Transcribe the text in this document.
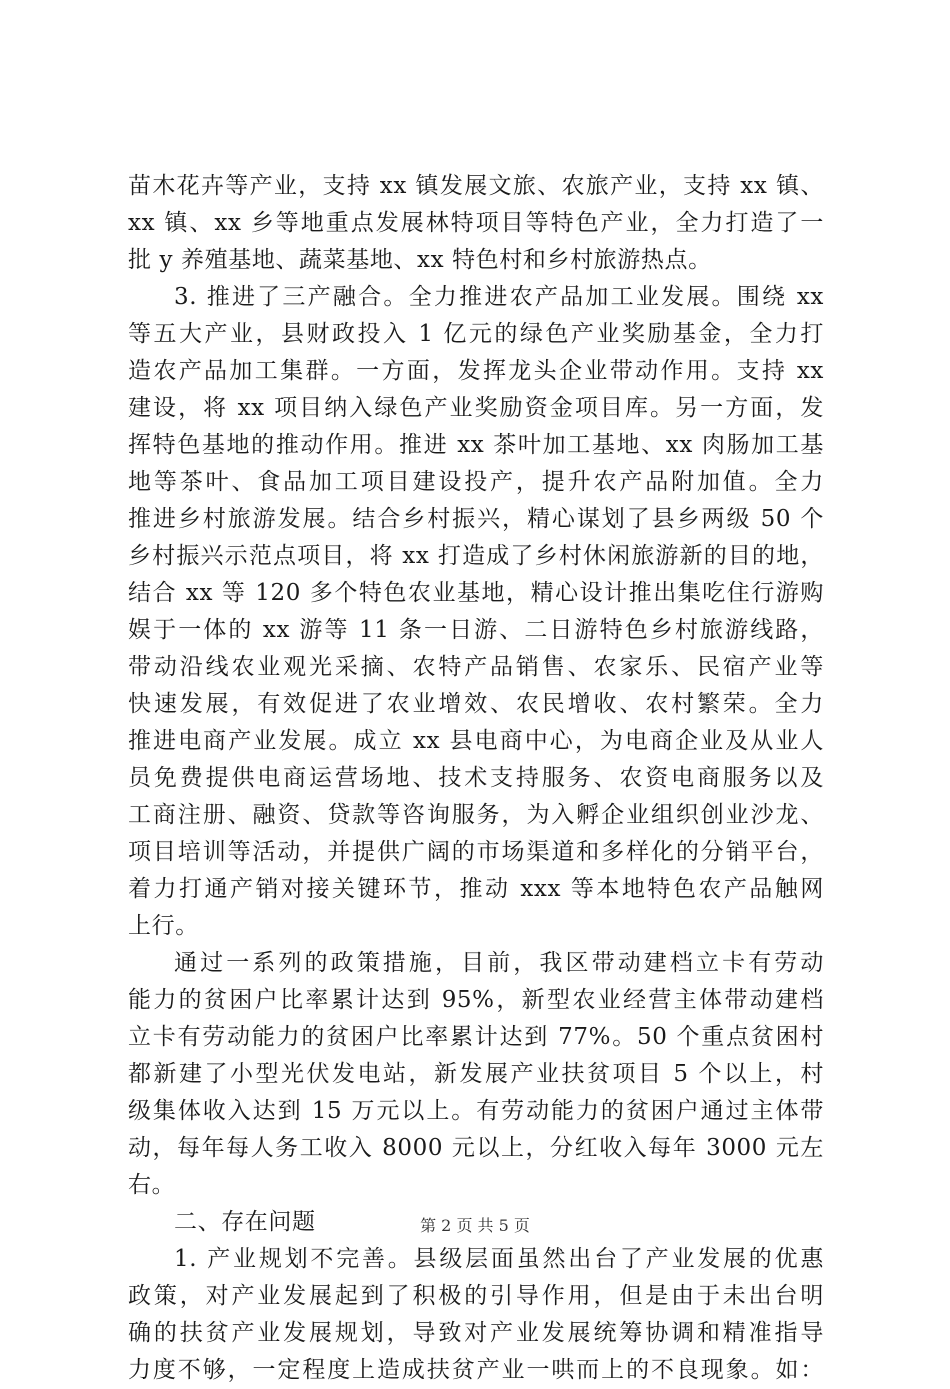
苗木花卉等产业，支持 xx 镇发展文旅、农旅产业，支持 xx 镇、
xx 镇、xx 乡等地重点发展林特项目等特色产业，全力打造了一
批 y 养殖基地、蔬菜基地、xx 特色村和乡村旅游热点。
3. 推进了三产融合。全力推进农产品加工业发展。围绕 xx
等五大产业，县财政投入 1 亿元的绿色产业奖励基金，全力打
造农产品加工集群。一方面，发挥龙头企业带动作用。支持 xx
建设，将 xx 项目纳入绿色产业奖励资金项目库。另一方面，发
挥特色基地的推动作用。推进 xx 茶叶加工基地、xx 肉肠加工基
地等茶叶、食品加工项目建设投产，提升农产品附加值。全力
推进乡村旅游发展。结合乡村振兴，精心谋划了县乡两级 50 个
乡村振兴示范点项目，将 xx 打造成了乡村休闲旅游新的目的地，
结合 xx 等 120 多个特色农业基地，精心设计推出集吃住行游购
娱于一体的 xx 游等 11 条一日游、二日游特色乡村旅游线路，
带动沿线农业观光采摘、农特产品销售、农家乐、民宿产业等
快速发展，有效促进了农业增效、农民增收、农村繁荣。全力
推进电商产业发展。成立 xx 县电商中心，为电商企业及从业人
员免费提供电商运营场地、技术支持服务、农资电商服务以及
工商注册、融资、贷款等咨询服务，为入孵企业组织创业沙龙、
项目培训等活动，并提供广阔的市场渠道和多样化的分销平台，
着力打通产销对接关键环节，推动 xxx 等本地特色农产品触网
上行。
通过一系列的政策措施，目前，我区带动建档立卡有劳动
能力的贫困户比率累计达到 95%，新型农业经营主体带动建档
立卡有劳动能力的贫困户比率累计达到 77%。50 个重点贫困村
都新建了小型光伏发电站，新发展产业扶贫项目 5 个以上，村
级集体收入达到 15 万元以上。有劳动能力的贫困户通过主体带
动，每年每人务工收入 8000 元以上，分红收入每年 3000 元左
右。
二、存在问题
1. 产业规划不完善。县级层面虽然出台了产业发展的优惠
政策，对产业发展起到了积极的引导作用，但是由于未出台明
确的扶贫产业发展规划，导致对产业发展统筹协调和精准指导
力度不够，一定程度上造成扶贫产业一哄而上的不良现象。如：
第 2 页 共 5 页
